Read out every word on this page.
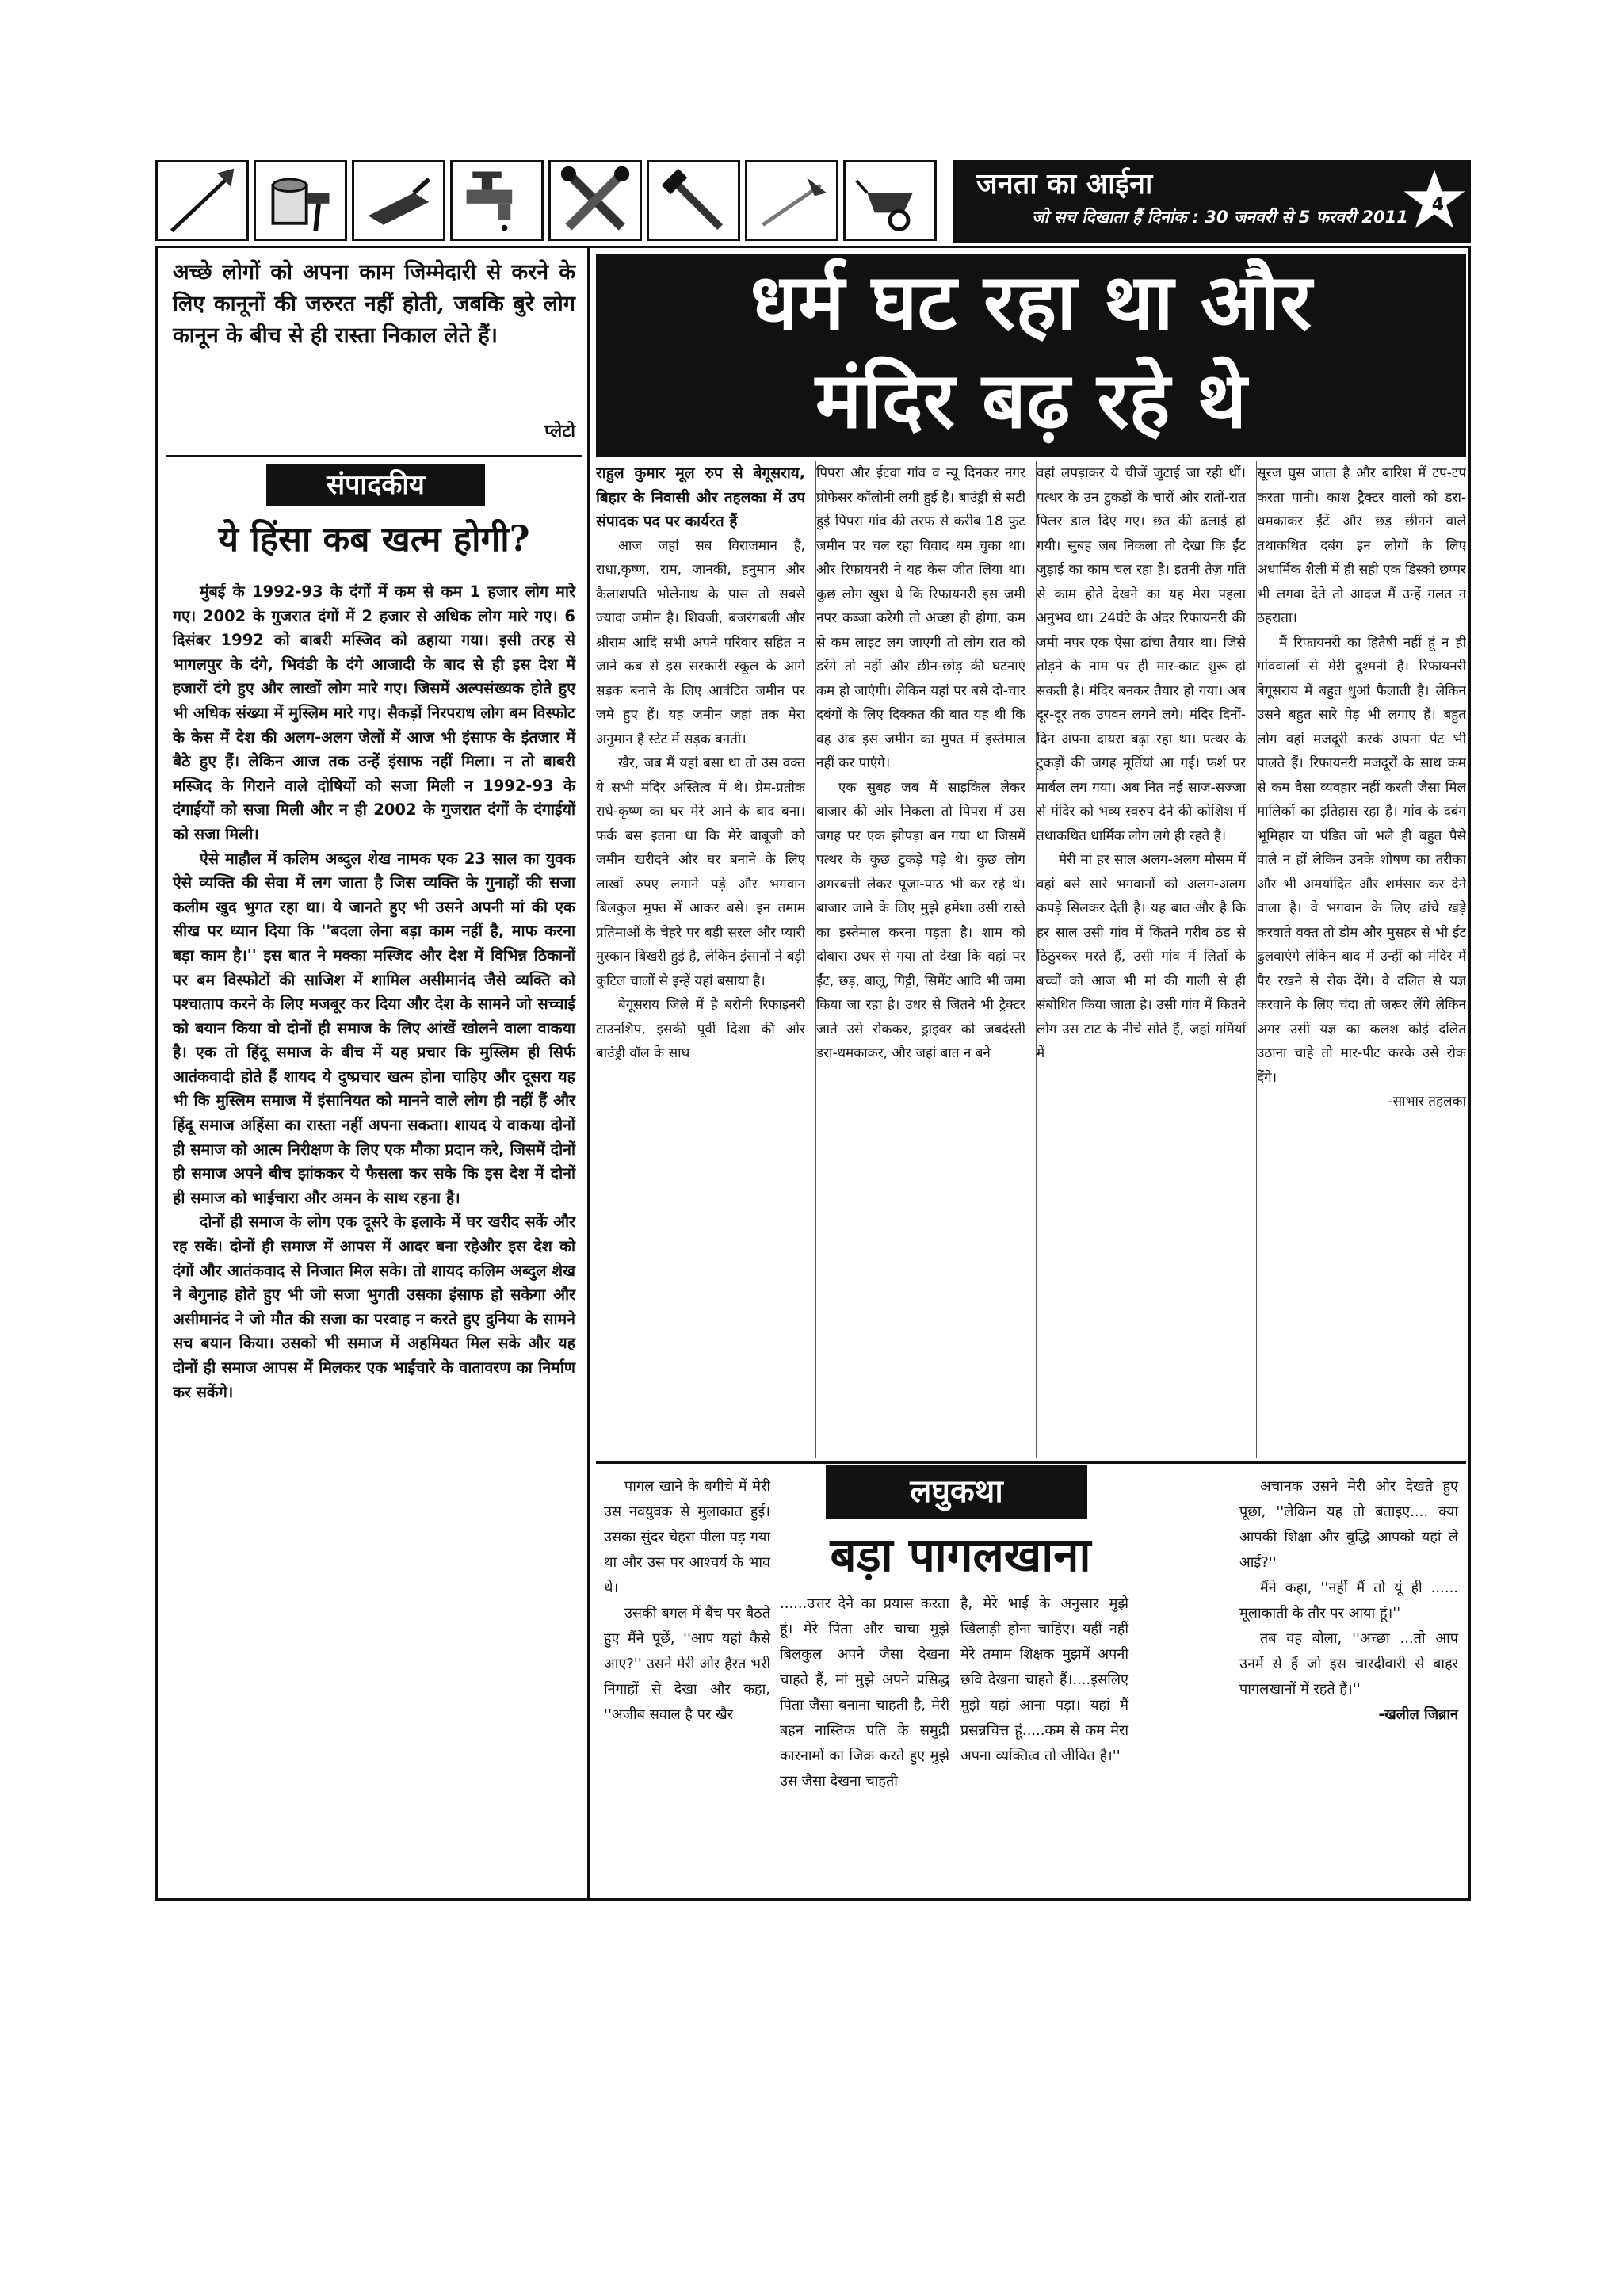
जनता का आईना
जो सच दिखाता हैं दिनांक : 30 जनवरी से 5 फरवरी 2011
4
अच्छे लोगों को अपना काम जिम्मेदारी से करने के लिए कानूनों की जरुरत नहीं होती, जबकि बुरे लोग कानून के बीच से ही रास्ता निकाल लेते हैं।
प्लेटो
संपादकीय
ये हिंसा कब खत्म होगी?

मुंबई के 1992-93 के दंगों में कम से कम 1 हजार लोग मारे गए। 2002 के गुजरात दंगों में 2 हजार से अधिक लोग मारे गए। 6 दिसंबर 1992 को बाबरी मस्जिद को ढहाया गया। इसी तरह से भागलपुर के दंगे, भिवंडी के दंगे आजादी के बाद से ही इस देश में हजारों दंगे हुए और लाखों लोग मारे गए। जिसमें अल्पसंख्यक होते हुए भी अधिक संख्या में मुस्लिम मारे गए। सैकड़ों निरपराध लोग बम विस्फोट के केस में देश की अलग-अलग जेलों में आज भी इंसाफ के इंतजार में बैठे हुए हैं। लेकिन आज तक उन्हें इंसाफ नहीं मिला। न तो बाबरी मस्जिद के गिराने वाले दोषियों को सजा मिली न 1992-93 के दंगाईयों को सजा मिली और न ही 2002 के गुजरात दंगों के दंगाईयों को सजा मिली।

ऐसे माहौल में कलिम अब्दुल शेख नामक एक 23 साल का युवक ऐसे व्यक्ति की सेवा में लग जाता है जिस व्यक्ति के गुनाहों की सजा कलीम खुद भुगत रहा था। ये जानते हुए भी उसने अपनी मां की एक सीख पर ध्यान दिया कि ''बदला लेना बड़ा काम नहीं है, माफ करना बड़ा काम है।'' इस बात ने मक्का मस्जिद और देश में विभिन्न ठिकानों पर बम विस्फोटों की साजिश में शामिल असीमानंद जैसे व्यक्ति को पश्चाताप करने के लिए मजबूर कर दिया और देश के सामने जो सच्चाई को बयान किया वो दोनों ही समाज के लिए आंखें खोलने वाला वाकया है। एक तो हिंदू समाज के बीच में यह प्रचार कि मुस्लिम ही सिर्फ आतंकवादी होते हैं शायद ये दुष्प्रचार खत्म होना चाहिए और दूसरा यह भी कि मुस्लिम समाज में इंसानियत को मानने वाले लोग ही नहीं हैं और हिंदू समाज अहिंसा का रास्ता नहीं अपना सकता। शायद ये वाकया दोनों ही समाज को आत्म निरीक्षण के लिए एक मौका प्रदान करे, जिसमें दोनों ही समाज अपने बीच झांककर ये फैसला कर सके कि इस देश में दोनों ही समाज को भाईचारा और अमन के साथ रहना है।

दोनों ही समाज के लोग एक दूसरे के इलाके में घर खरीद सकें और रह सकें। दोनों ही समाज में आपस में आदर बना रहेऔर इस देश को दंगों और आतंकवाद से निजात मिल सके। तो शायद कलिम अब्दुल शेख ने बेगुनाह होते हुए भी जो सजा भुगती उसका इंसाफ हो सकेगा और असीमानंद ने जो मौत की सजा का परवाह न करते हुए दुनिया के सामने सच बयान किया। उसको भी समाज में अहमियत मिल सके और यह दोनों ही समाज आपस में मिलकर एक भाईचारे के वातावरण का निर्माण कर सकेंगे।

धर्म घट रहा था और
मंदिर बढ़ रहे थे

राहुल कुमार मूल रुप से बेगूसराय, बिहार के निवासी और तहलका में उप संपादक पद पर कार्यरत हैं

आज जहां सब विराजमान हैं, राधा,कृष्ण, राम, जानकी, हनुमान और कैलाशपति भोलेनाथ के पास तो सबसे ज्यादा जमीन है। शिवजी, बजरंगबली और श्रीराम आदि सभी अपने परिवार सहित न जाने कब से इस सरकारी स्कूल के आगे सड़क बनाने के लिए आवंटित जमीन पर जमे हुए हैं। यह जमीन जहां तक मेरा अनुमान है स्टेट में सड़क बनती।

खैर, जब मैं यहां बसा था तो उस वक्त ये सभी मंदिर अस्तित्व में थे। प्रेम-प्रतीक राधे-कृष्ण का घर मेरे आने के बाद बना। फर्क बस इतना था कि मेरे बाबूजी को जमीन खरीदने और घर बनाने के लिए लाखों रुपए लगाने पड़े और भगवान बिलकुल मुफ्त में आकर बसे। इन तमाम प्रतिमाओं के चेहरे पर बड़ी सरल और प्यारी मुस्कान बिखरी हुई है, लेकिन इंसानों ने बड़ी कुटिल चालों से इन्हें यहां बसाया है।

बेगूसराय जिले में है बरौनी रिफाइनरी टाउनशिप, इसकी पूर्वी दिशा की ओर बाउंड्री वॉल के साथ

पिपरा और ईटवा गांव व न्यू दिनकर नगर प्रोफेसर कॉलोनी लगी हुई है। बाउंड्री से सटी हुई पिपरा गांव की तरफ से करीब 18 फुट जमीन पर चल रहा विवाद थम चुका था। और रिफायनरी ने यह केस जीत लिया था। कुछ लोग खुश थे कि रिफायनरी इस जमी नपर कब्जा करेगी तो अच्छा ही होगा, कम से कम लाइट लग जाएगी तो लोग रात को डरेंगे तो नहीं और छीन-छोड़ की घटनाएं कम हो जाएंगी। लेकिन यहां पर बसे दो-चार दबंगों के लिए दिक्कत की बात यह थी कि वह अब इस जमीन का मुफ्त में इस्तेमाल नहीं कर पाएंगे।

एक सुबह जब मैं साइकिल लेकर बाजार की ओर निकला तो पिपरा में उस जगह पर एक झोपड़ा बन गया था जिसमें पत्थर के कुछ टुकड़े पड़े थे। कुछ लोग अगरबत्ती लेकर पूजा-पाठ भी कर रहे थे। बाजार जाने के लिए मुझे हमेशा उसी रास्ते का इस्तेमाल करना पड़ता है। शाम को दोबारा उधर से गया तो देखा कि वहां पर ईंट, छड़, बालू, गिट्टी, सिमेंट आदि भी जमा किया जा रहा है। उधर से जितने भी ट्रैक्टर जाते उसे रोककर, ड्राइवर को जबर्दस्ती डरा-धमकाकर, और जहां बात न बने

वहां लपड़ाकर ये चीजें जुटाई जा रही थीं। पत्थर के उन टुकड़ों के चारों ओर रातों-रात पिलर डाल दिए गए। छत की ढलाई हो गयी। सुबह जब निकला तो देखा कि ईंट जुड़ाई का काम चल रहा है। इतनी तेज़ गति से काम होते देखने का यह मेरा पहला अनुभव था। 24घंटे के अंदर रिफायनरी की जमी नपर एक ऐसा ढांचा तैयार था। जिसे तोड़ने के नाम पर ही मार-काट शुरू हो सकती है। मंदिर बनकर तैयार हो गया। अब दूर-दूर तक उपवन लगने लगे। मंदिर दिनों-दिन अपना दायरा बढ़ा रहा था। पत्थर के टुकड़ों की जगह मूर्तियां आ गईं। फर्श पर मार्बल लग गया। अब नित नई साज-सज्जा से मंदिर को भव्य स्वरुप देने की कोशिश में तथाकथित धार्मिक लोग लगे ही रहते हैं।

मेरी मां हर साल अलग-अलग मौसम में वहां बसे सारे भगवानों को अलग-अलग कपड़े सिलकर देती है। यह बात और है कि हर साल उसी गांव में कितने गरीब ठंड से ठिठुरकर मरते हैं, उसी गांव में लितों के बच्चों को आज भी मां की गाली से ही संबोधित किया जाता है। उसी गांव में कितने लोग उस टाट के नीचे सोते हैं, जहां गर्मियों में

सूरज घुस जाता है और बारिश में टप-टप करता पानी। काश ट्रैक्टर वालों को डरा-धमकाकर ईंटें और छड़ छीनने वाले तथाकथित दबंग इन लोगों के लिए अधार्मिक शैली में ही सही एक डिस्को छप्पर भी लगवा देते तो आदज मैं उन्हें गलत न ठहराता।

मैं रिफायनरी का हितैषी नहीं हूं न ही गांववालों से मेरी दुश्मनी है। रिफायनरी बेगूसराय में बहुत धुआं फैलाती है। लेकिन उसने बहुत सारे पेड़ भी लगाए हैं। बहुत लोग वहां मजदूरी करके अपना पेट भी पालते हैं। रिफायनरी मजदूरों के साथ कम से कम वैसा व्यवहार नहीं करती जैसा मिल मालिकों का इतिहास रहा है। गांव के दबंग भूमिहार या पंडित जो भले ही बहुत पैसे वाले न हों लेकिन उनके शोषण का तरीका और भी अमर्यादित और शर्मसार कर देने वाला है। वे भगवान के लिए ढांचे खड़े करवाते वक्त तो डोम और मुसहर से भी ईंट ढुलवाएंगे लेकिन बाद में उन्हीं को मंदिर में पैर रखने से रोक देंगे। वे दलित से यज्ञ करवाने के लिए चंदा तो जरूर लेंगे लेकिन अगर उसी यज्ञ का कलश कोई दलित उठाना चाहे तो मार-पीट करके उसे रोक देंगे।

-साभार तहलका

पागल खाने के बगीचे में मेरी उस नवयुवक से मुलाकात हुई। उसका सुंदर चेहरा पीला पड़ गया था और उस पर आश्चर्य के भाव थे।

उसकी बगल में बैंच पर बैठते हुए मैंने पूछें, ''आप यहां कैसे आए?'' उसने मेरी ओर हैरत भरी निगाहों से देखा और कहा, ''अजीब सवाल है पर खैर

लघुकथा
बड़ा पागलखाना
......उत्तर देने का प्रयास करता हूं। मेरे पिता और चाचा मुझे बिलकुल अपने जैसा देखना चाहते हैं, मां मुझे अपने प्रसिद्ध पिता जैसा बनाना चाहती है, मेरी बहन नास्तिक पति के समुद्री कारनामों का जिक्र करते हुए मुझे उस जैसा देखना चाहती
है, मेरे भाई के अनुसार मुझे खिलाड़ी होना चाहिए। यहीं नहीं मेरे तमाम शिक्षक मुझमें अपनी छवि देखना चाहते हैं।....इसलिए मुझे यहां आना पड़ा। यहां मैं प्रसन्नचित्त हूं.....कम से कम मेरा अपना व्यक्तित्व तो जीवित है।''

अचानक उसने मेरी ओर देखते हुए पूछा, ''लेकिन यह तो बताइए.... क्या आपकी शिक्षा और बुद्धि आपको यहां ले आई?''

मैंने कहा, ''नहीं मैं तो यूं ही ...... मूलाकाती के तौर पर आया हूं।''

तब वह बोला, ''अच्छा ...तो आप उनमें से हैं जो इस चारदीवारी से बाहर पागलखानों में रहते हैं।''

-खलील जिब्रान
